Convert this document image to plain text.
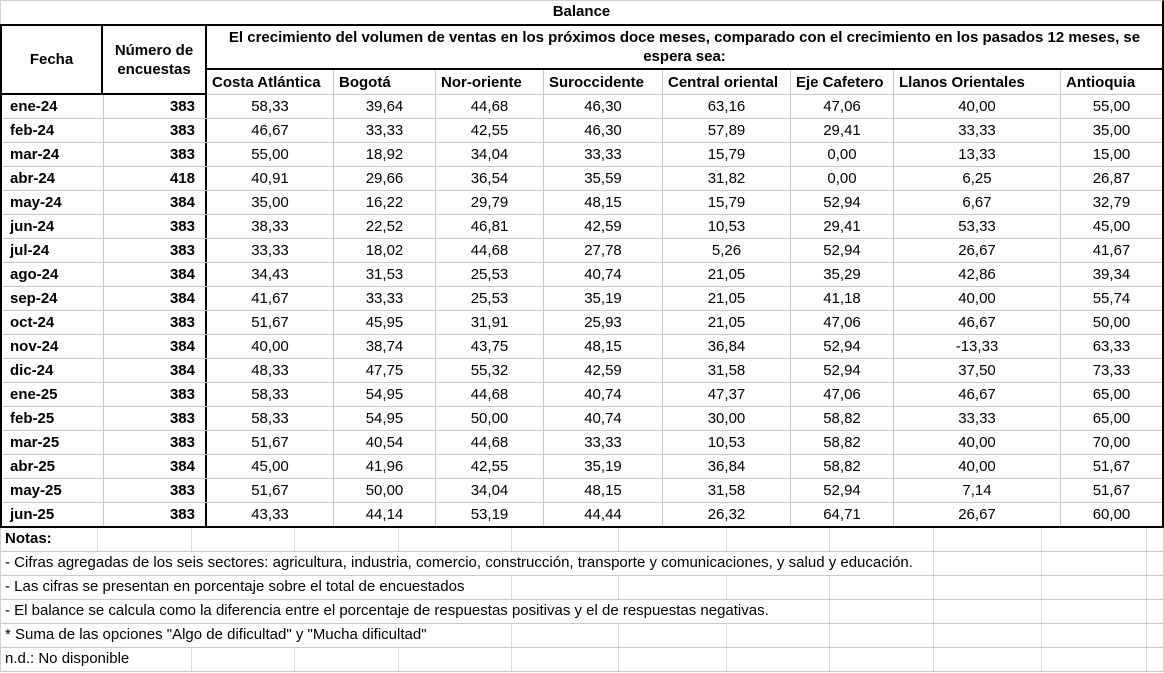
Balance
Fecha
Número de encuestas
El crecimiento del volumen de ventas en los próximos doce meses, comparado con el crecimiento en los pasados 12 meses, se espera sea:
Costa Atlántica	Bogotá	Nor-oriente	Suroccidente	Central oriental	Eje Cafetero	Llanos Orientales	Antioquia
ene-24	383	58,33	39,64	44,68	46,30	63,16	47,06	40,00	55,00
feb-24	383	46,67	33,33	42,55	46,30	57,89	29,41	33,33	35,00
mar-24	383	55,00	18,92	34,04	33,33	15,79	0,00	13,33	15,00
abr-24	418	40,91	29,66	36,54	35,59	31,82	0,00	6,25	26,87
may-24	384	35,00	16,22	29,79	48,15	15,79	52,94	6,67	32,79
jun-24	383	38,33	22,52	46,81	42,59	10,53	29,41	53,33	45,00
jul-24	383	33,33	18,02	44,68	27,78	5,26	52,94	26,67	41,67
ago-24	384	34,43	31,53	25,53	40,74	21,05	35,29	42,86	39,34
sep-24	384	41,67	33,33	25,53	35,19	21,05	41,18	40,00	55,74
oct-24	383	51,67	45,95	31,91	25,93	21,05	47,06	46,67	50,00
nov-24	384	40,00	38,74	43,75	48,15	36,84	52,94	-13,33	63,33
dic-24	384	48,33	47,75	55,32	42,59	31,58	52,94	37,50	73,33
ene-25	383	58,33	54,95	44,68	40,74	47,37	47,06	46,67	65,00
feb-25	383	58,33	54,95	50,00	40,74	30,00	58,82	33,33	65,00
mar-25	383	51,67	40,54	44,68	33,33	10,53	58,82	40,00	70,00
abr-25	384	45,00	41,96	42,55	35,19	36,84	58,82	40,00	51,67
may-25	383	51,67	50,00	34,04	48,15	31,58	52,94	7,14	51,67
jun-25	383	43,33	44,14	53,19	44,44	26,32	64,71	26,67	60,00
Notas:
- Cifras agregadas de los seis sectores: agricultura, industria, comercio, construcción, transporte y comunicaciones, y salud y educación.
- Las cifras se presentan en porcentaje sobre el total de encuestados
- El balance se calcula como la diferencia entre el porcentaje de respuestas positivas y el de respuestas negativas.
* Suma de las opciones "Algo de dificultad" y "Mucha dificultad"
n.d.: No disponible
